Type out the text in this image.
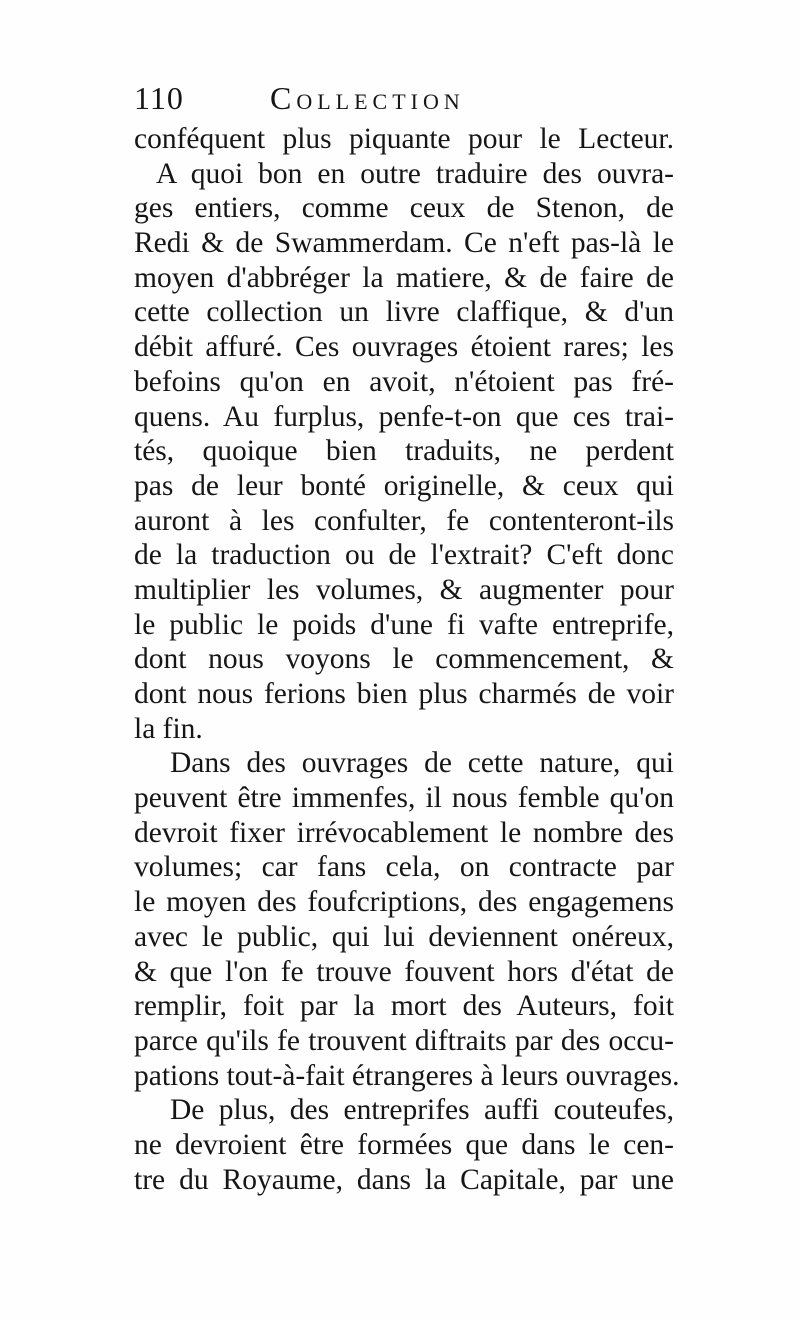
110	Collection
conféquent plus piquante pour le Lecteur.
A quoi bon en outre traduire des ouvra-
ges entiers, comme ceux de Stenon, de
Redi & de Swammerdam. Ce n'eft pas-là le
moyen d'abbréger la matiere, & de faire de
cette collection un livre claffique, & d'un
débit affuré. Ces ouvrages étoient rares; les
befoins qu'on en avoit, n'étoient pas fré-
quens. Au furplus, penfe-t-on que ces trai-
tés, quoique bien traduits, ne perdent
pas de leur bonté originelle, & ceux qui
auront à les confulter, fe contenteront-ils
de la traduction ou de l'extrait? C'eft donc
multiplier les volumes, & augmenter pour
le public le poids d'une fi vafte entreprife,
dont nous voyons le commencement, &
dont nous ferions bien plus charmés de voir
la fin.
Dans des ouvrages de cette nature, qui
peuvent être immenfes, il nous femble qu'on
devroit fixer irrévocablement le nombre des
volumes; car fans cela, on contracte par
le moyen des foufcriptions, des engagemens
avec le public, qui lui deviennent onéreux,
& que l'on fe trouve fouvent hors d'état de
remplir, foit par la mort des Auteurs, foit
parce qu'ils fe trouvent diftraits par des occu-
pations tout-à-fait étrangeres à leurs ouvrages.
De plus, des entreprifes auffi couteufes,
ne devroient être formées que dans le cen-
tre du Royaume, dans la Capitale, par une
